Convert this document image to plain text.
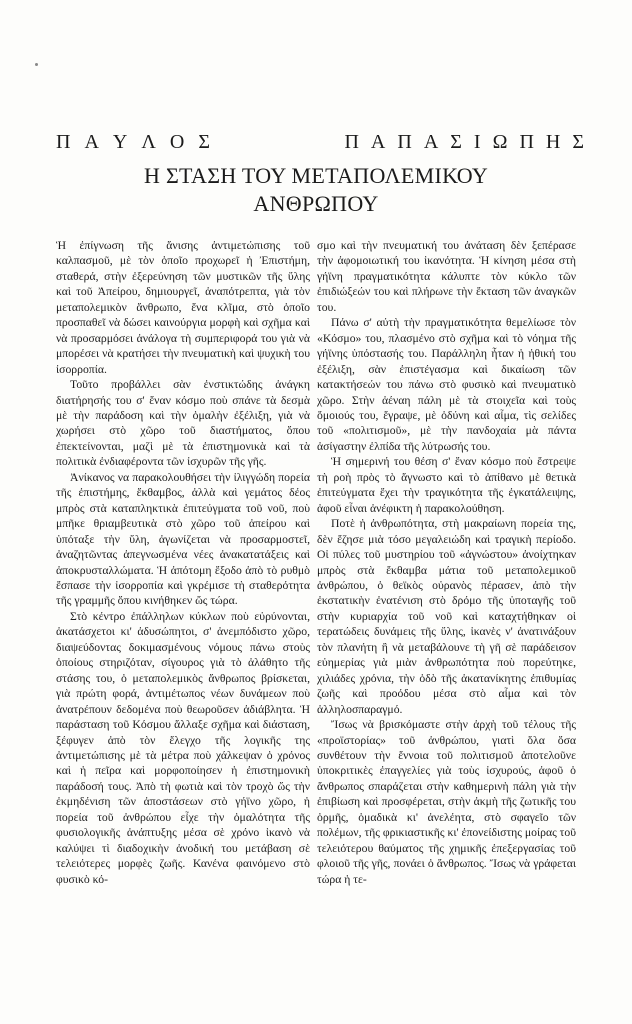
Π Α Υ Λ Ο Σ	Π Α Π Α Σ Ι Ω Π Η Σ
Η ΣΤΑΣΗ ΤΟΥ ΜΕΤΑΠΟΛΕΜΙΚΟΥ
ΑΝΘΡΩΠΟΥ

Ἡ ἐπίγνωση τῆς ἄνισης ἀντιμετώπισης τοῦ καλπασμοῦ, μὲ τὸν ὁποῖο προχωρεῖ ἡ Ἐπιστήμη, σταθερά, στὴν ἐξερεύνηση τῶν μυστικῶν τῆς ὕλης καὶ τοῦ Ἀπείρου, δημιουργεῖ, ἀναπότρεπτα, γιὰ τὸν μεταπολεμικὸν ἄνθρωπο, ἕνα κλῖμα, στὸ ὁποῖο προσπαθεῖ νὰ δώσει καινούργια μορφὴ καὶ σχῆμα καὶ νὰ προσαρμόσει ἀνάλογα τὴ συμπεριφορά του γιὰ νὰ μπορέσει νὰ κρατήσει τὴν πνευματικὴ καὶ ψυχικὴ του ἰσορροπία.

Τοῦτο προβάλλει σὰν ἐνστικτώδης ἀνάγκη διατήρησής του σ' ἕναν κόσμο ποὺ σπάνε τὰ δεσμὰ μὲ τὴν παράδοση καὶ τὴν ὁμαλὴν ἐξέλιξη, γιὰ νὰ χωρήσει στὸ χῶρο τοῦ διαστήματος, ὅπου ἐπεκτείνονται, μαζὶ μὲ τὰ ἐπιστημονικὰ καὶ τὰ πολιτικὰ ἐνδιαφέροντα τῶν ἰσχυρῶν τῆς γῆς.

Ἀνίκανος να παρακολουθήσει τὴν ἰλιγγώδη πορεία τῆς ἐπιστήμης, ἔκθαμβος, ἀλλὰ καὶ γεμάτος δέος μπρὸς στὰ καταπληκτικὰ ἐπιτεύγματα τοῦ νοῦ, ποὺ μπῆκε θριαμβευτικὰ στὸ χῶρο τοῦ ἀπείρου καὶ ὑπόταξε τὴν ὕλη, ἀγωνίζεται νὰ προσαρμοστεῖ, ἀναζητῶντας ἀπεγνωσμένα νέες ἀνακατατάξεις καὶ ἀποκρυσταλλώματα. Ἡ ἀπότομη ἔξοδο ἀπὸ τὸ ρυθμὸ ἔσπασε τὴν ἰσορροπία καὶ γκρέμισε τὴ σταθερότητα τῆς γραμμῆς ὅπου κινήθηκεν ὥς τώρα.

Στὸ κέντρο ἐπάλληλων κύκλων ποὺ εὐρύνονται, ἀκατάσχετοι κι' ἀδυσώπητοι, σ' ἀνεμπόδιστο χῶρο, διαψεύδοντας δοκιμασμένους νόμους πάνω στοὺς ὁποίους στηριζόταν, σίγουρος γιὰ τὸ ἀλάθητο τῆς στάσης του, ὁ μεταπολεμικὸς ἄνθρωπος βρίσκεται, γιὰ πρώτη φορά, ἀντιμέτωπος νέων δυνάμεων ποὺ ἀνατρέπουν δεδομένα ποὺ θεωροῦσεν ἀδιάβλητα. Ἡ παράσταση τοῦ Κόσμου ἄλλαξε σχῆμα καὶ διάσταση, ξέφυγεν ἀπὸ τὸν ἔλεγχο τῆς λογικῆς της ἀντιμετώπισης μὲ τὰ μέτρα ποὺ χάλκεψαν ὁ χρόνος καὶ ἡ πεῖρα καὶ μορφοποίησεν ἡ ἐπιστημονικὴ παράδοσή τους. Ἀπὸ τὴ φωτιὰ καὶ τὸν τροχὸ ὥς τὴν ἐκμηδένιση τῶν ἀποστάσεων στὸ γήϊνο χῶρο, ἡ πορεία τοῦ ἀνθρώπου εἶχε τὴν ὁμαλότητα τῆς φυσιολογικῆς ἀνάπτυξης μέσα σὲ χρόνο ἱκανὸ νὰ καλύψει τὶ διαδοχικὴν ἀνοδική του μετάβαση σὲ τελειότερες μορφὲς ζωῆς. Κανένα φαινόμενο στὸ φυσικὸ κό-

σμο καὶ τὴν πνευματική του ἀνάταση δὲν ξεπέρασε τὴν ἀφομοιωτική του ἱκανότητα. Ἡ κίνηση μέσα στὴ γήϊνη πραγματικότητα κάλυπτε τὸν κύκλο τῶν ἐπιδιώξεών του καὶ πλήρωνε τὴν ἔκταση τῶν ἀναγκῶν του.

Πάνω σ' αὐτὴ τὴν πραγματικότητα θεμελίωσε τὸν «Κόσμο» του, πλασμένο στὸ σχῆμα καὶ τὸ νόημα τῆς γήϊνης ὑπόστασής του. Παράλληλη ἦταν ἡ ἠθική του ἐξέλιξη, σὰν ἐπιστέγασμα καὶ δικαίωση τῶν κατακτήσεών του πάνω στὸ φυσικὸ καὶ πνευματικὸ χῶρο. Στὴν ἀέναη πάλη μὲ τὰ στοιχεῖα καὶ τοὺς ὅμοιούς του, ἔγραψε, μὲ ὀδύνη καὶ αἷμα, τὶς σελίδες τοῦ «πολιτισμοῦ», μὲ τὴν πανδοχαία μὰ πάντα ἀσίγαστην ἐλπίδα τῆς λύτρωσής του.

Ἡ σημερινή του θέση σ' ἕναν κόσμο ποὺ ἔστρεψε τὴ ροὴ πρὸς τὸ ἄγνωστο καὶ τὸ ἀπίθανο μὲ θετικὰ ἐπιτεύγματα ἔχει τὴν τραγικότητα τῆς ἐγκατάλειψης, ἀφοῦ εἶναι ἀνέφικτη ἡ παρακολούθηση.

Ποτὲ ἡ ἀνθρωπότητα, στὴ μακραίωνη πορεία της, δὲν ἔζησε μιὰ τόσο μεγαλειώδη καὶ τραγικὴ περίοδο. Οἱ πύλες τοῦ μυστηρίου τοῦ «ἀγνώστου» ἀνοίχτηκαν μπρὸς στὰ ἔκθαμβα μάτια τοῦ μεταπολεμικοῦ ἀνθρώπου, ὁ θεϊκὸς οὐρανὸς πέρασεν, ἀπὸ τὴν ἐκστατικὴν ἐνατένιση στὸ δρόμο τῆς ὑποταγῆς τοῦ στὴν κυριαρχία τοῦ νοῦ καὶ καταχτήθηκαν οἱ τερατώδεις δυνάμεις τῆς ὕλης, ἱκανὲς ν' ἀνατινάξουν τὸν πλανήτη ἢ νὰ μεταβάλουνε τὴ γῆ σὲ παράδεισον εὐημερίας γιὰ μιὰν ἀνθρωπότητα ποὺ πορεύτηκε, χιλιάδες χρόνια, τὴν ὁδὸ τῆς ἀκατανίκητης ἐπιθυμίας ζωῆς καὶ προόδου μέσα στὸ αἷμα καὶ τὸν ἀλληλοσπαραγμό.

Ἴσως νὰ βρισκόμαστε στὴν ἀρχὴ τοῦ τέλους τῆς «προϊστορίας» τοῦ ἀνθρώπου, γιατὶ ὅλα ὅσα συνθέτουν τὴν ἔννοια τοῦ πολιτισμοῦ ἀποτελοῦνε ὑποκριτικὲς ἐπαγγελίες γιὰ τοὺς ἰσχυρούς, ἀφοῦ ὁ ἄνθρωπος σπαράζεται στὴν καθημερινὴ πάλη γιὰ τὴν ἐπιβίωση καὶ προσφέρεται, στὴν ἀκμὴ τῆς ζωτικῆς του ὁρμῆς, ὁμαδικὰ κι' ἀνελέητα, στὸ σφαγεῖο τῶν πολέμων, τῆς φρικιαστικῆς κι' ἐπονείδιστης μοίρας τοῦ τελειότερου θαύματος τῆς χημικῆς ἐπεξεργασίας τοῦ φλοιοῦ τῆς γῆς, πονάει ὁ ἄνθρωπος. Ἴσως νὰ γράφεται τώρα ἡ τε-
